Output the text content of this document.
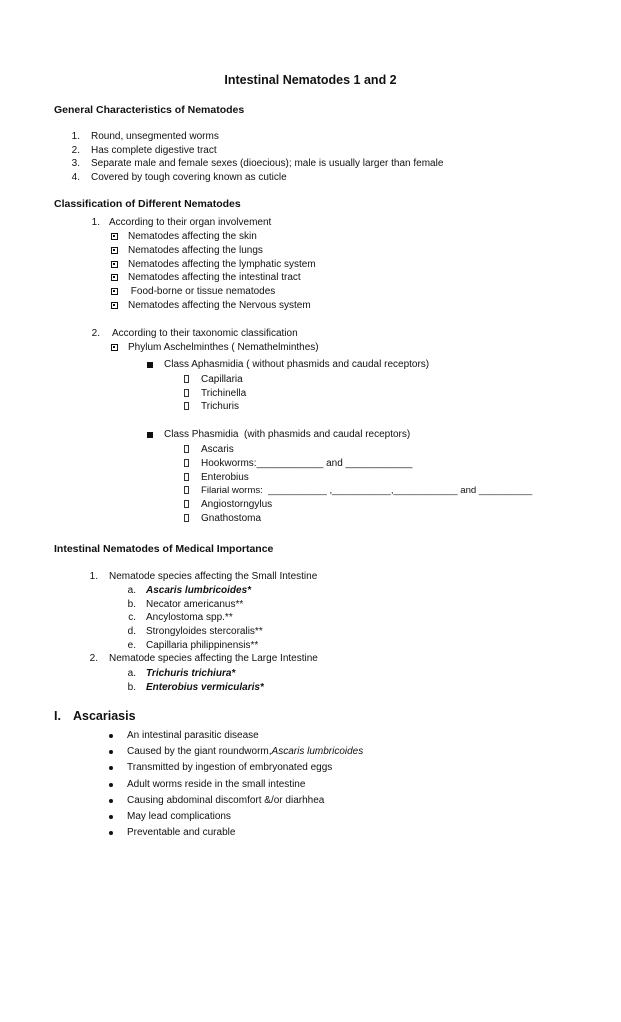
Intestinal Nematodes 1 and 2
General Characteristics of Nematodes
1. Round, unsegmented worms
2. Has complete digestive tract
3. Separate male and female sexes (dioecious); male is usually larger than female
4. Covered by tough covering known as cuticle
Classification of Different Nematodes
1. According to their organ involvement
Nematodes affecting the skin
Nematodes affecting the lungs
Nematodes affecting the lymphatic system
Nematodes affecting the intestinal tract
Food-borne or tissue nematodes
Nematodes affecting the Nervous system
2. According to their taxonomic classification
Phylum Aschelminthes ( Nemathelminthes)
Class Aphasmidia ( without phasmids and caudal receptors)
Capillaria
Trichinella
Trichuris
Class Phasmidia  (with phasmids and caudal receptors)
Ascaris
Hookworms:____________ and ____________
Enterobius
Filarial worms:  ___________ ,___________,____________ and __________
Angiostorngylus
Gnathostoma
Intestinal Nematodes of Medical Importance
1. Nematode species affecting the Small Intestine
a. Ascaris lumbricoides*
b. Necator americanus**
c. Ancylostoma spp.**
d. Strongyloides stercoralis**
e. Capillaria philippinensis**
2. Nematode species affecting the Large Intestine
a. Trichuris trichiura*
b. Enterobius vermicularis*
I. Ascariasis
An intestinal parasitic disease
Caused by the giant roundworm,Ascaris lumbricoides
Transmitted by ingestion of embryonated eggs
Adult worms reside in the small intestine
Causing abdominal discomfort &/or diarhhea
May lead complications
Preventable and curable
